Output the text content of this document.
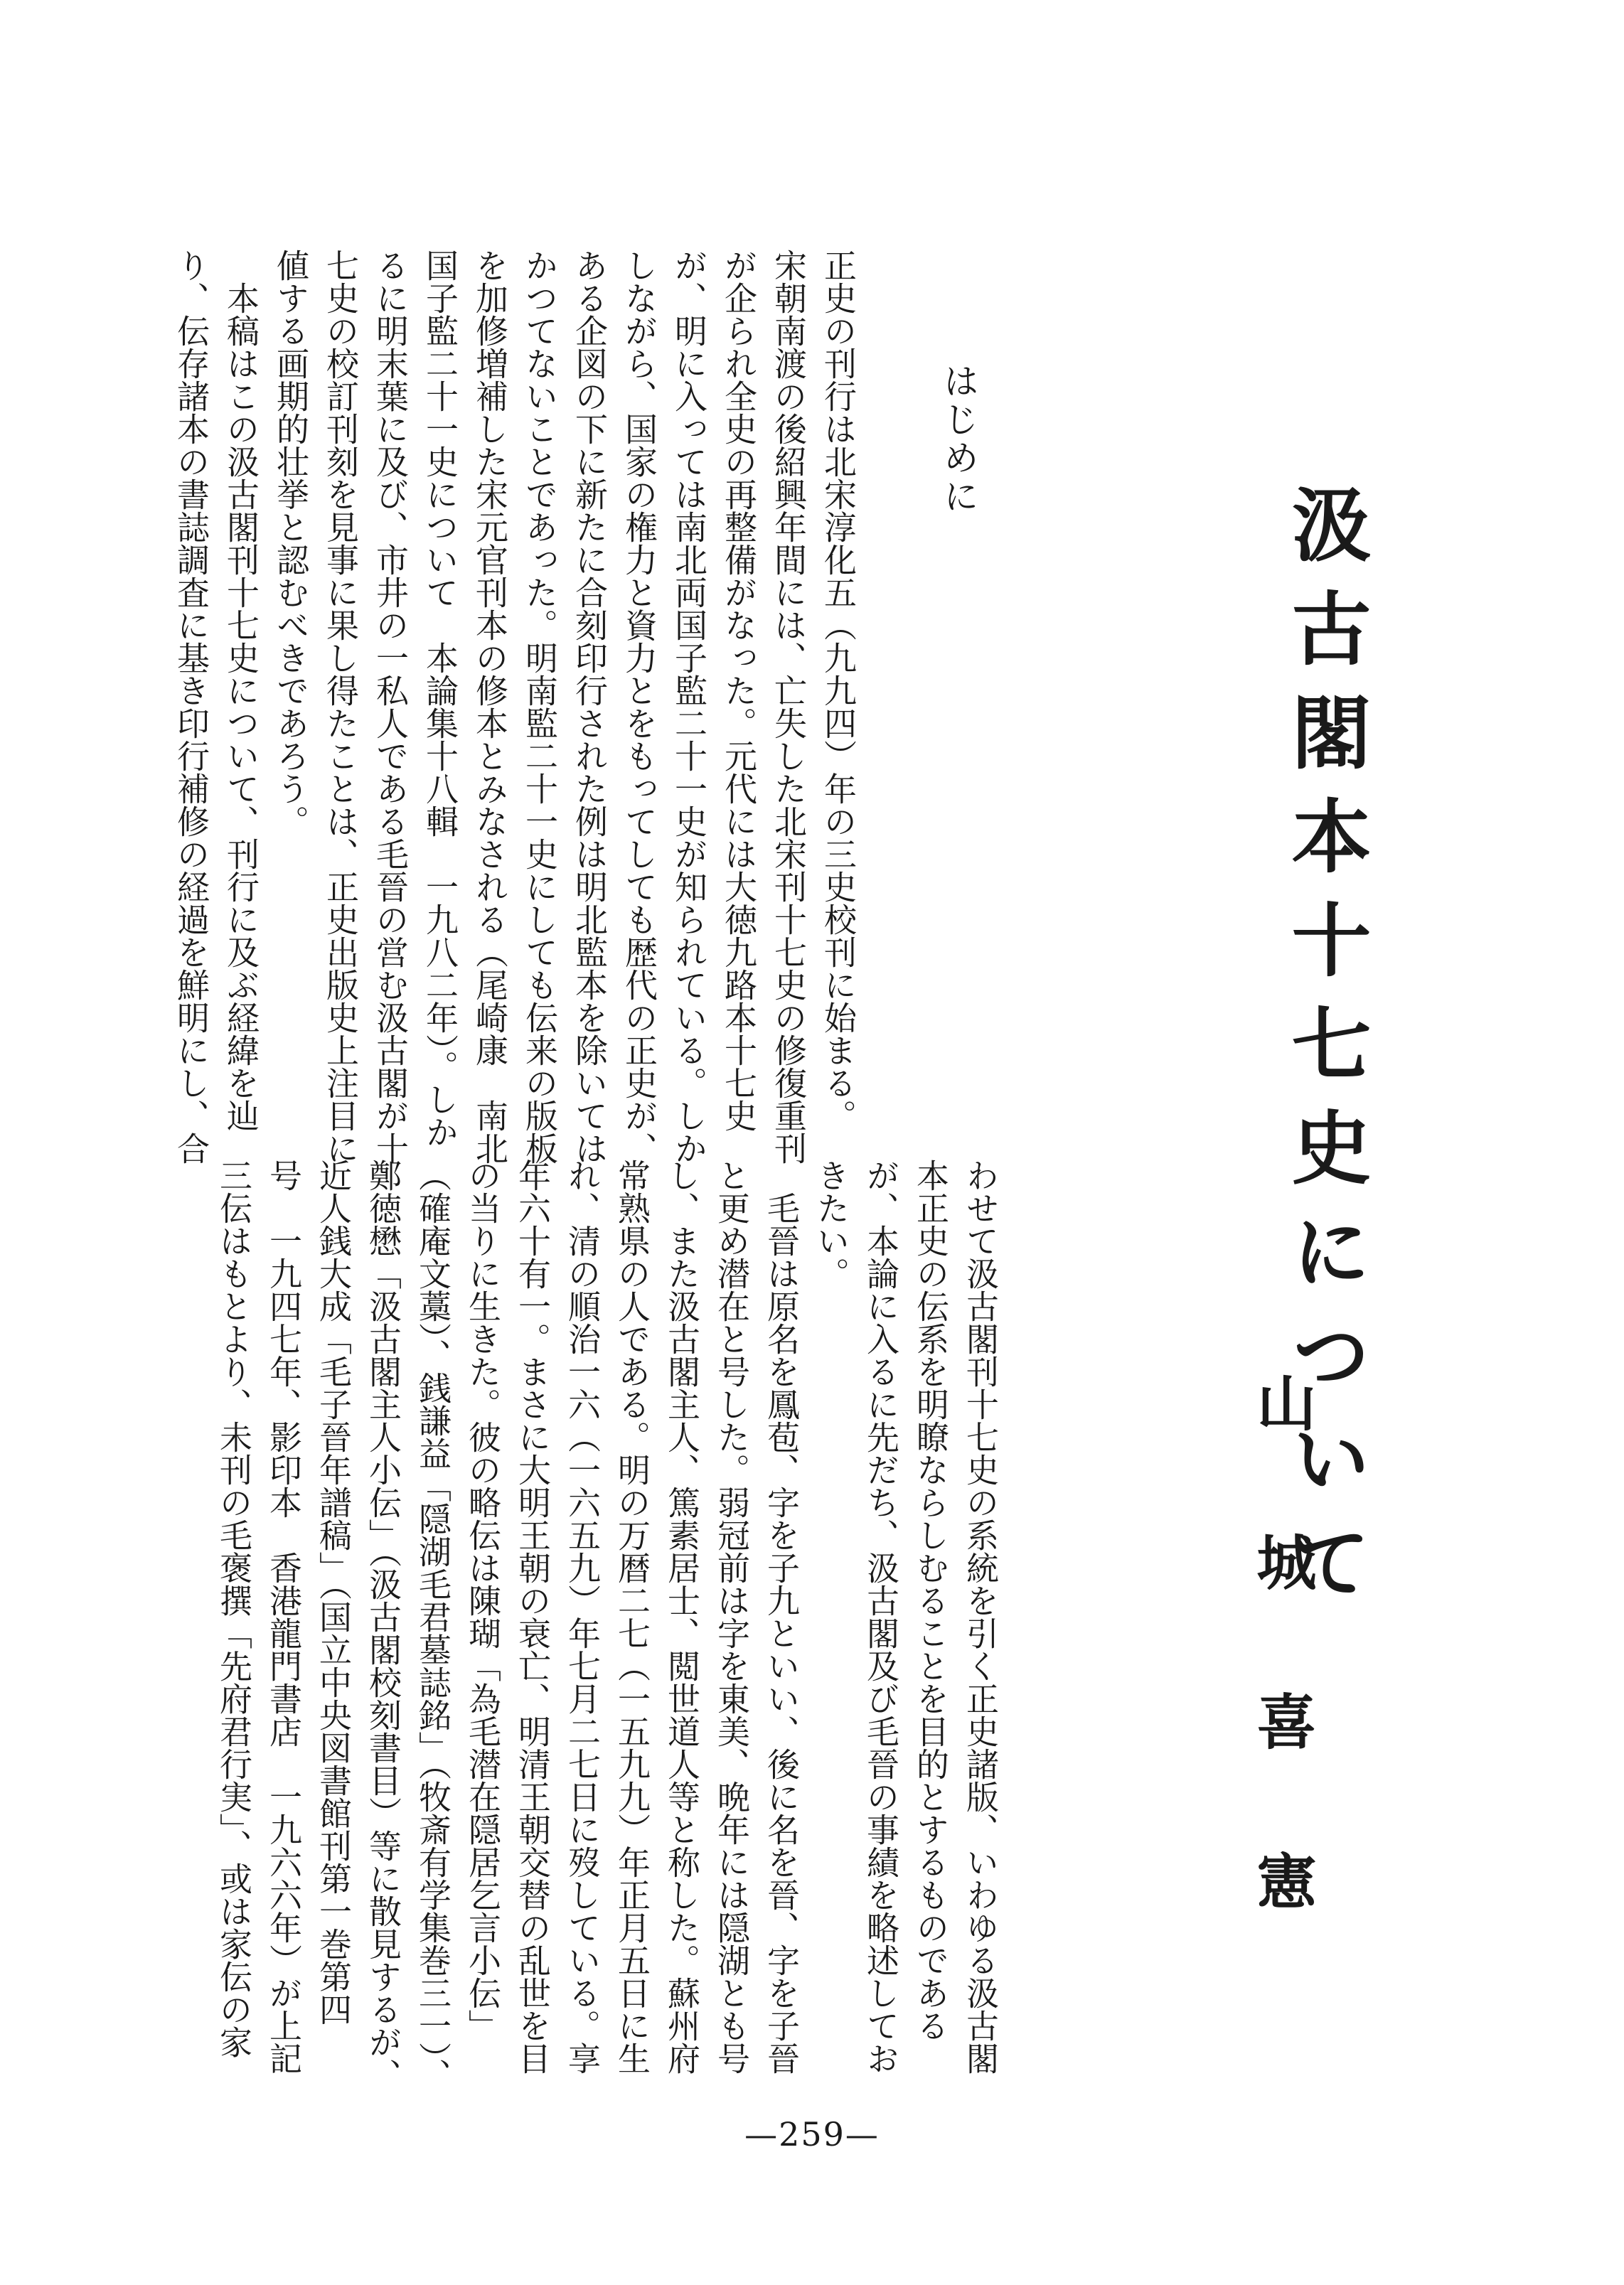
汲古閣本十七史について
山城喜憲
はじめに
正史の刊行は北宋淳化五（九九四）年の三史校刊に始まる。
宋朝南渡の後紹興年間には、亡失した北宋刊十七史の修復重刊
が企られ全史の再整備がなった。元代には大徳九路本十七史
が、明に入っては南北両国子監二十一史が知られている。しか
しながら、国家の権力と資力とをもってしても歴代の正史が、
ある企図の下に新たに合刻印行された例は明北監本を除いては
かつてないことであった。明南監二十一史にしても伝来の版板
を加修増補した宋元官刊本の修本とみなされる（尾崎康　南北
国子監二十一史について　本論集十八輯　一九八二年）。しか
るに明末葉に及び、市井の一私人である毛晉の営む汲古閣が十
七史の校訂刊刻を見事に果し得たことは、正史出版史上注目に
値する画期的壮挙と認むべきであろう。
　本稿はこの汲古閣刊十七史について、刊行に及ぶ経緯を辿
り、伝存諸本の書誌調査に基き印行補修の経過を鮮明にし、合
わせて汲古閣刊十七史の系統を引く正史諸版、いわゆる汲古閣
本正史の伝系を明瞭ならしむることを目的とするものである
が、本論に入るに先だち、汲古閣及び毛晉の事績を略述してお
きたい。
　毛晉は原名を鳳苞、字を子九といい、後に名を晉、字を子晉
と更め潜在と号した。弱冠前は字を東美、晩年には隠湖とも号
し、また汲古閣主人、篤素居士、閲世道人等と称した。蘇州府
常熟県の人である。明の万暦二七（一五九九）年正月五日に生
れ、清の順治一六（一六五九）年七月二七日に歿している。享
年六十有一。まさに大明王朝の衰亡、明清王朝交替の乱世を目
の当りに生きた。彼の略伝は陳瑚「為毛潜在隠居乞言小伝」
（確庵文藁）、銭謙益「隠湖毛君墓誌銘」（牧斎有学集巻三一）、
鄭徳懋「汲古閣主人小伝」（汲古閣校刻書目）等に散見するが、
近人銭大成「毛子晉年譜稿」（国立中央図書館刊第一巻第四
号　一九四七年、影印本　香港龍門書店　一九六六年）が上記
三伝はもとより、未刊の毛褒撰「先府君行実」、或は家伝の家
—259—
